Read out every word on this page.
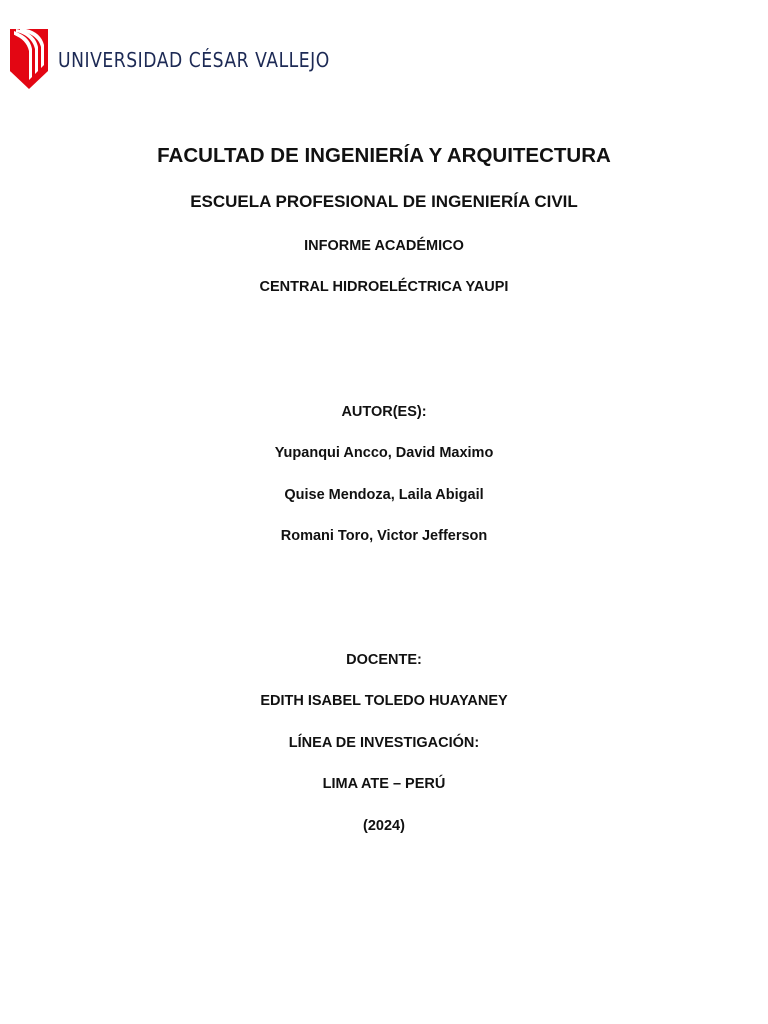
UNIVERSIDAD CÉSAR VALLEJO
FACULTAD DE INGENIERÍA Y ARQUITECTURA
ESCUELA PROFESIONAL DE INGENIERÍA CIVIL
INFORME ACADÉMICO
CENTRAL HIDROELÉCTRICA YAUPI
AUTOR(ES):
Yupanqui Ancco, David Maximo
Quise Mendoza, Laila Abigail
Romani Toro, Victor Jefferson
DOCENTE:
EDITH ISABEL TOLEDO HUAYANEY
LÍNEA DE INVESTIGACIÓN:
LIMA ATE – PERÚ
(2024)
